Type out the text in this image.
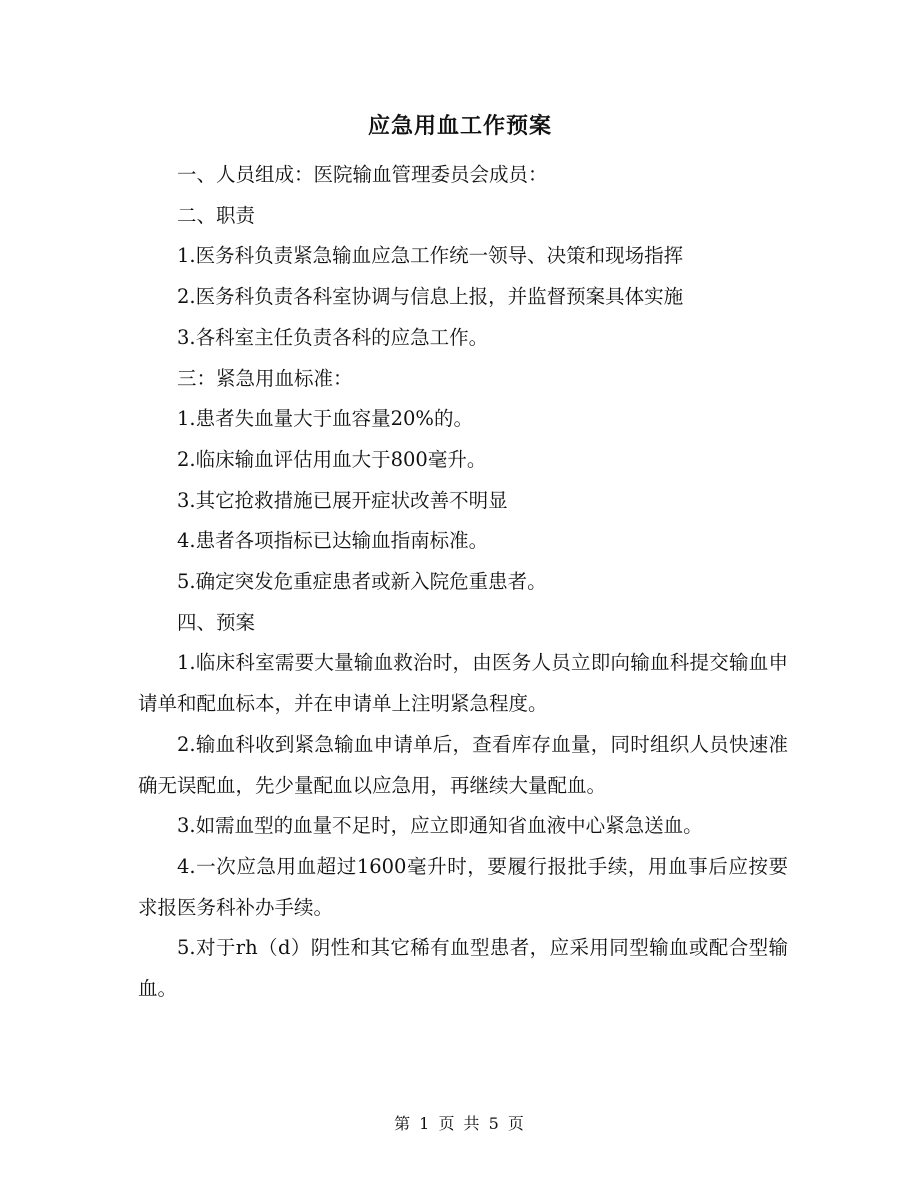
应急用血工作预案

一、人员组成：医院输血管理委员会成员：

二、职责

1.医务科负责紧急输血应急工作统一领导、决策和现场指挥

2.医务科负责各科室协调与信息上报，并监督预案具体实施

3.各科室主任负责各科的应急工作。

三：紧急用血标准：

1.患者失血量大于血容量20%的。

2.临床输血评估用血大于800毫升。

3.其它抢救措施已展开症状改善不明显

4.患者各项指标已达输血指南标准。

5.确定突发危重症患者或新入院危重患者。

四、预案

1.临床科室需要大量输血救治时，由医务人员立即向输血科提交输血申请单和配血标本，并在申请单上注明紧急程度。

2.输血科收到紧急输血申请单后，查看库存血量，同时组织人员快速准确无误配血，先少量配血以应急用，再继续大量配血。

3.如需血型的血量不足时，应立即通知省血液中心紧急送血。

4.一次应急用血超过1600毫升时，要履行报批手续，用血事后应按要求报医务科补办手续。

5.对于rh（d）阴性和其它稀有血型患者，应采用同型输血或配合型输血。

第 1 页 共 5 页
